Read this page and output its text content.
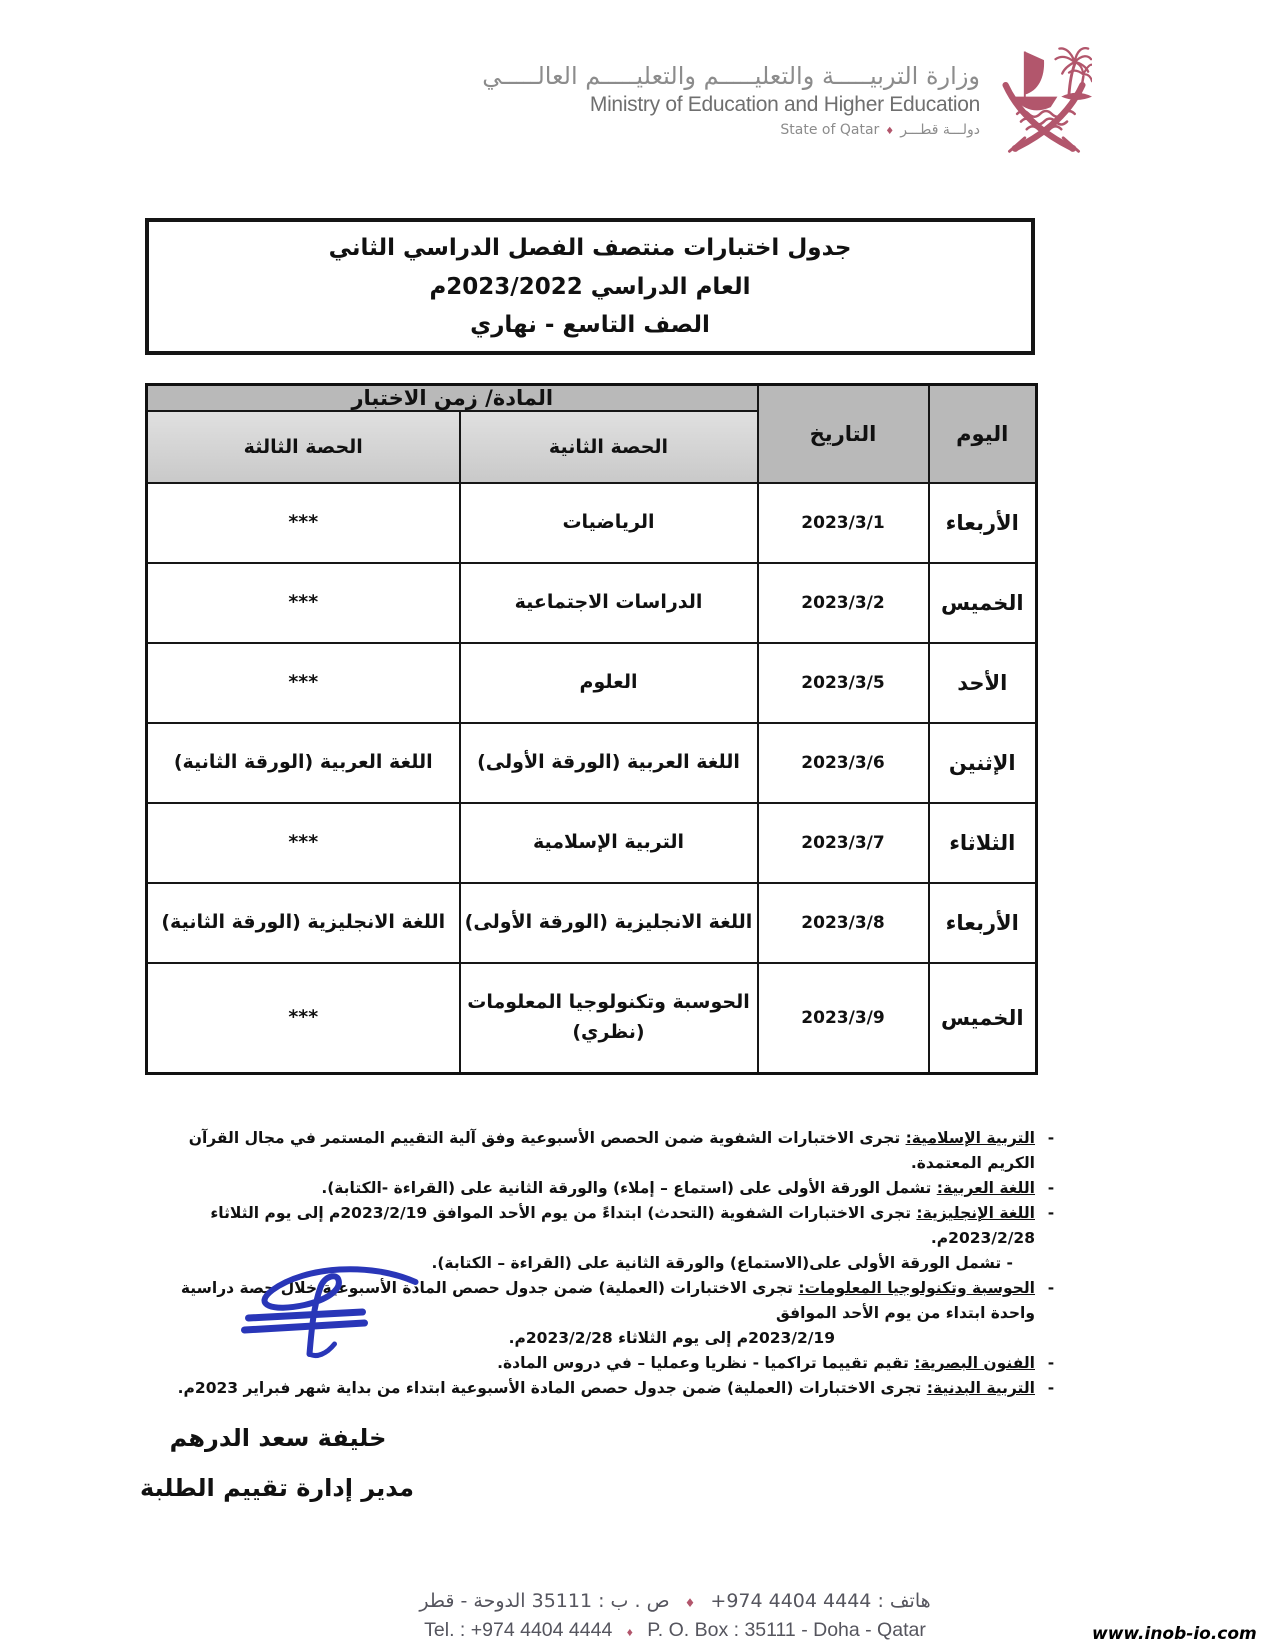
وزارة التربيـــــة والتعليـــــم والتعليـــــم العالـــــي
Ministry of Education and Higher Education
دولـــة قطـــر♦State of Qatar
جدول اختبارات منتصف الفصل الدراسي الثاني
العام الدراسي 2023/2022م
الصف التاسع - نهاري
اليوم	التاريخ	المادة/ زمن الاختبار	
		الحصة الثانية	الحصة الثالثة
الأربعاء	2023/3/1	الرياضيات	***
الخميس	2023/3/2	الدراسات الاجتماعية	***
الأحد	2023/3/5	العلوم	***
الإثنين	2023/3/6	اللغة العربية (الورقة الأولى)	اللغة العربية (الورقة الثانية)
الثلاثاء	2023/3/7	التربية الإسلامية	***
الأربعاء	2023/3/8	اللغة الانجليزية (الورقة الأولى)	اللغة الانجليزية (الورقة الثانية)
الخميس	2023/3/9	الحوسبة وتكنولوجيا المعلومات (نظري)	***
-
التربية الإسلامية: تجرى الاختبارات الشفوية ضمن الحصص الأسبوعية وفق آلية التقييم المستمر في مجال القرآن الكريم المعتمدة.
-
اللغة العربية: تشمل الورقة الأولى على (استماع – إملاء) والورقة الثانية على (القراءة -الكتابة).
-
اللغة الإنجليزية: تجرى الاختبارات الشفوية (التحدث) ابتداءً من يوم الأحد الموافق 2023/2/19م إلى يوم الثلاثاء 2023/2/28م.
- تشمل الورقة الأولى على(الاستماع) والورقة الثانية على (القراءة – الكتابة).
-
الحوسبة وتكنولوجيا المعلومات: تجرى الاختبارات (العملية) ضمن جدول حصص المادة الأسبوعية خلال حصة دراسية واحدة ابتداء من يوم الأحد الموافق
2023/2/19م إلى يوم الثلاثاء 2023/2/28م.
-
الفنون البصرية: تقيم تقييما تراكميا - نظريا وعمليا – في دروس المادة.
-
التربية البدنية: تجرى الاختبارات (العملية) ضمن جدول حصص المادة الأسبوعية ابتداء من بداية شهر فبراير 2023م.
خليفة سعد الدرهم
مدير إدارة تقييم الطلبة
هاتف : +974 4404 4444 ♦ ص . ب : 35111 الدوحة - قطر
Tel. : +974 4404 4444 ♦ P. O. Box : 35111 - Doha - Qatar	www.inob-io.com
